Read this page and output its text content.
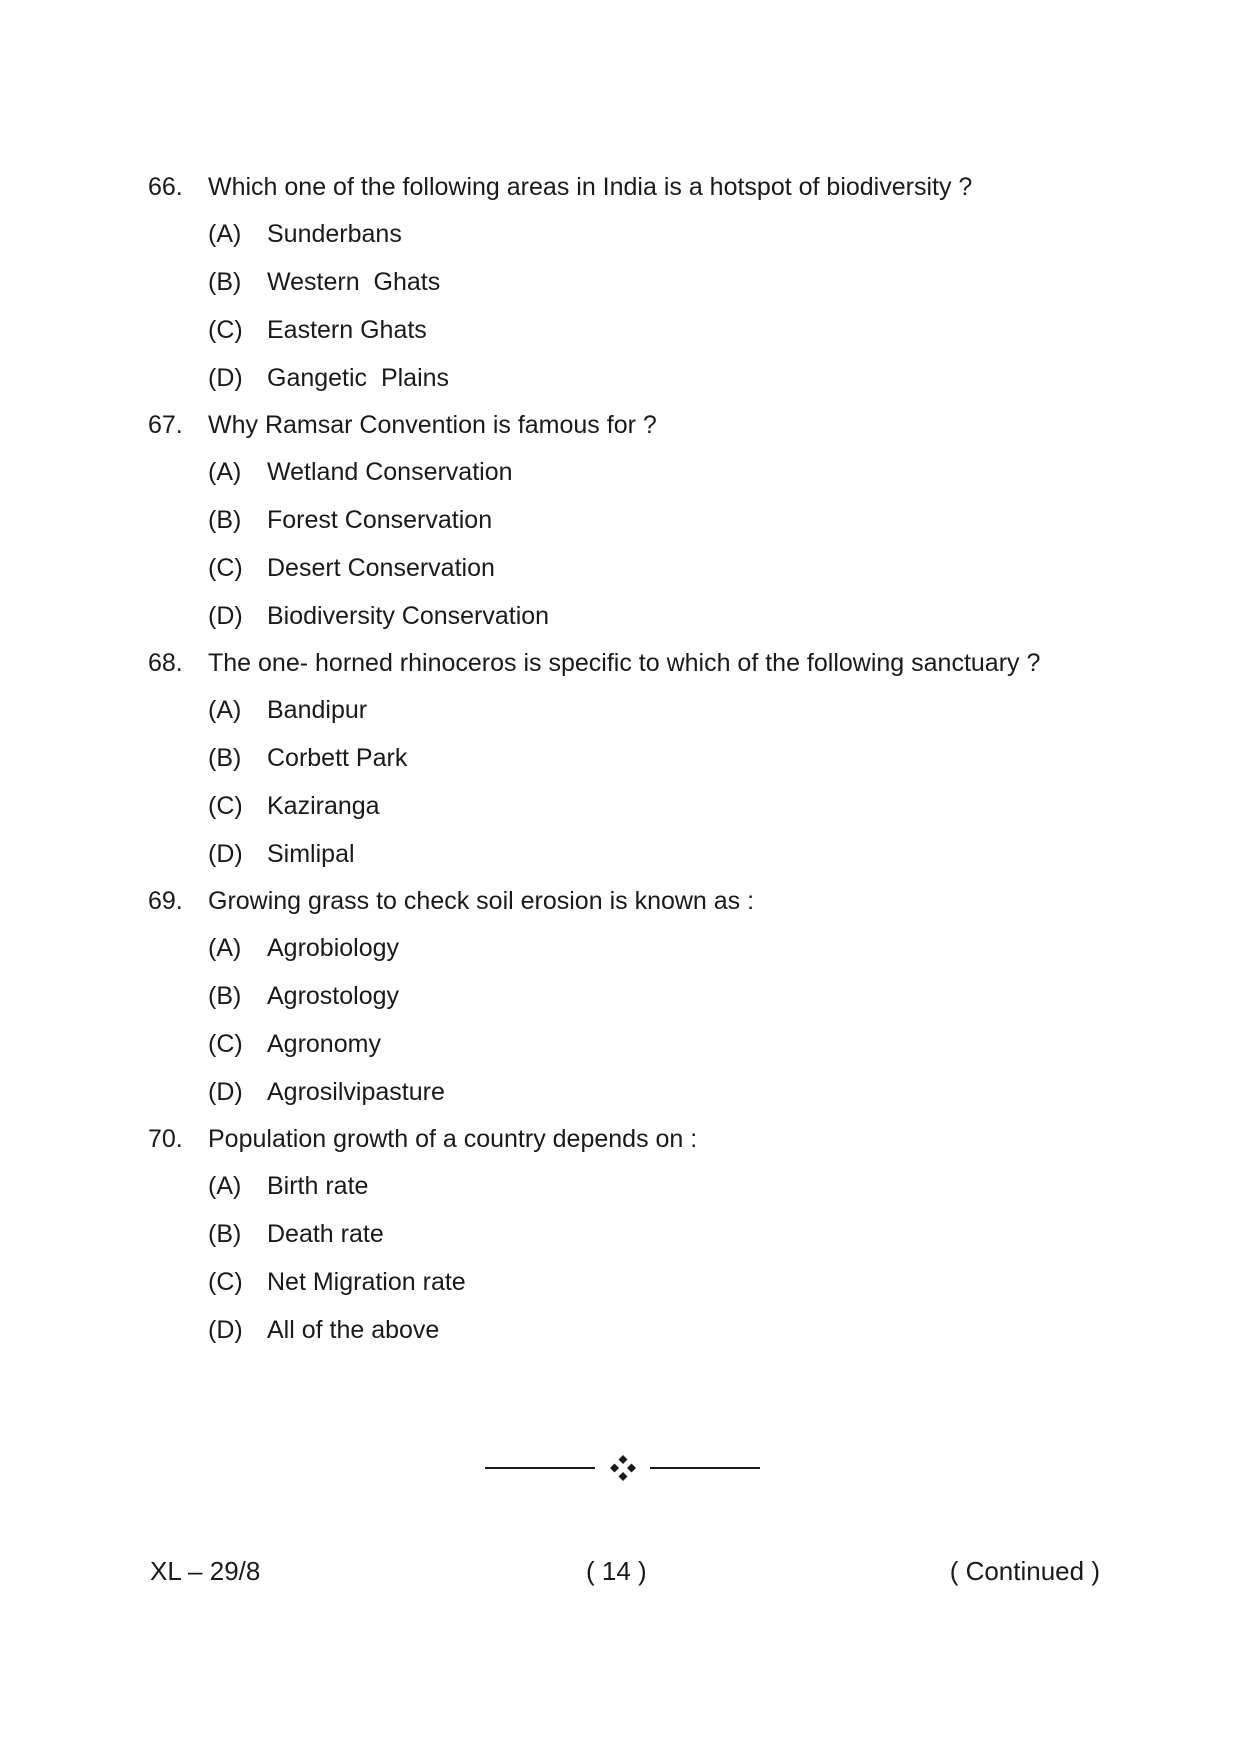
66.	Which one of the following areas in India is a hotspot of biodiversity ?
(A)	Sunderbans
(B)	Western  Ghats
(C) Eastern Ghats
(D) Gangetic  Plains
67.	Why Ramsar Convention is famous for ?
(A)	Wetland Conservation
(B)	Forest Conservation
(C) Desert Conservation
(D) Biodiversity Conservation
68.	The one- horned rhinoceros is specific to which of the following sanctuary ?
(A)	Bandipur
(B)	Corbett Park
(C) Kaziranga
(D) Simlipal
69.	Growing grass to check soil erosion is known as :
(A)	Agrobiology
(B)	Agrostology
(C) Agronomy
(D) Agrosilvipasture
70.	Population growth of a country depends on :
(A)	Birth rate
(B)	Death rate
(C) Net Migration rate
(D) All of the above
XL – 29/8	( 14 )	( Continued )
